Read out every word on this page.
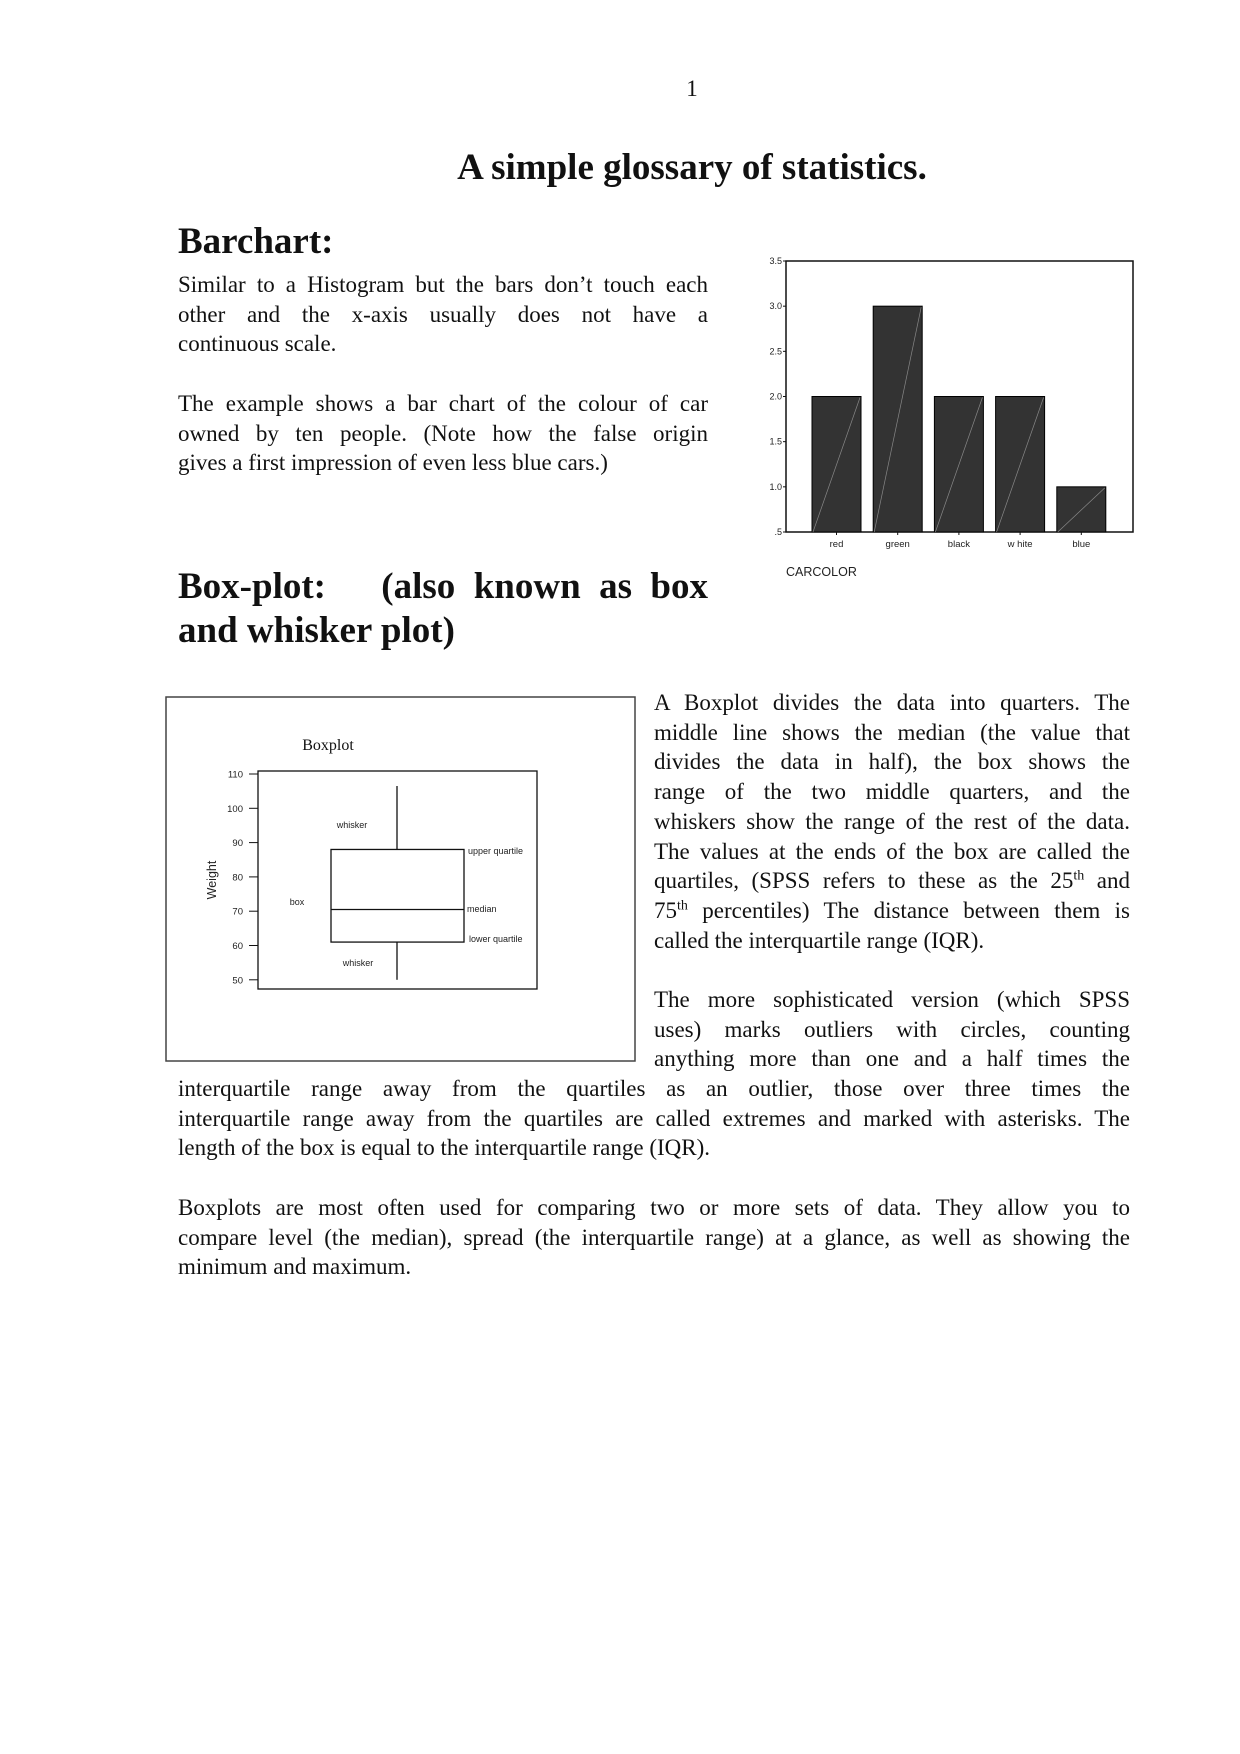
1
A simple glossary of statistics.
Barchart:
Similar to a Histogram but the bars don’t touch each
other and the x-axis usually does not have a
continuous scale.
The example shows a bar chart of the colour of car
owned by ten people. (Note how the false origin
gives a first impression of even less blue cars.)
.5
1.0
1.5
2.0
2.5
3.0
3.5
red	green	black	w hite	blue
CARCOLOR
Boxplot
50
60
70
80
90
100
110
Weight
whisker
whisker
box
upper quartile
median
lower quartile
Box-plot:   (also known as box
and whisker plot)
A Boxplot divides the data into quarters. The
middle line shows the median (the value that
divides the data in half), the box shows the
range of the two middle quarters, and the
whiskers show the range of the rest of the data.
The values at the ends of the box are called the
quartiles, (SPSS refers to these as the 25th and
75th percentiles) The distance between them is
called the interquartile range (IQR).
The more sophisticated version (which SPSS
uses) marks outliers with circles, counting
anything more than one and a half times the
interquartile range away from the quartiles as an outlier, those over three times the
interquartile range away from the quartiles are called extremes and marked with asterisks. The
length of the box is equal to the interquartile range (IQR).
Boxplots are most often used for comparing two or more sets of data. They allow you to
compare level (the median), spread (the interquartile range) at a glance, as well as showing the
minimum and maximum.
